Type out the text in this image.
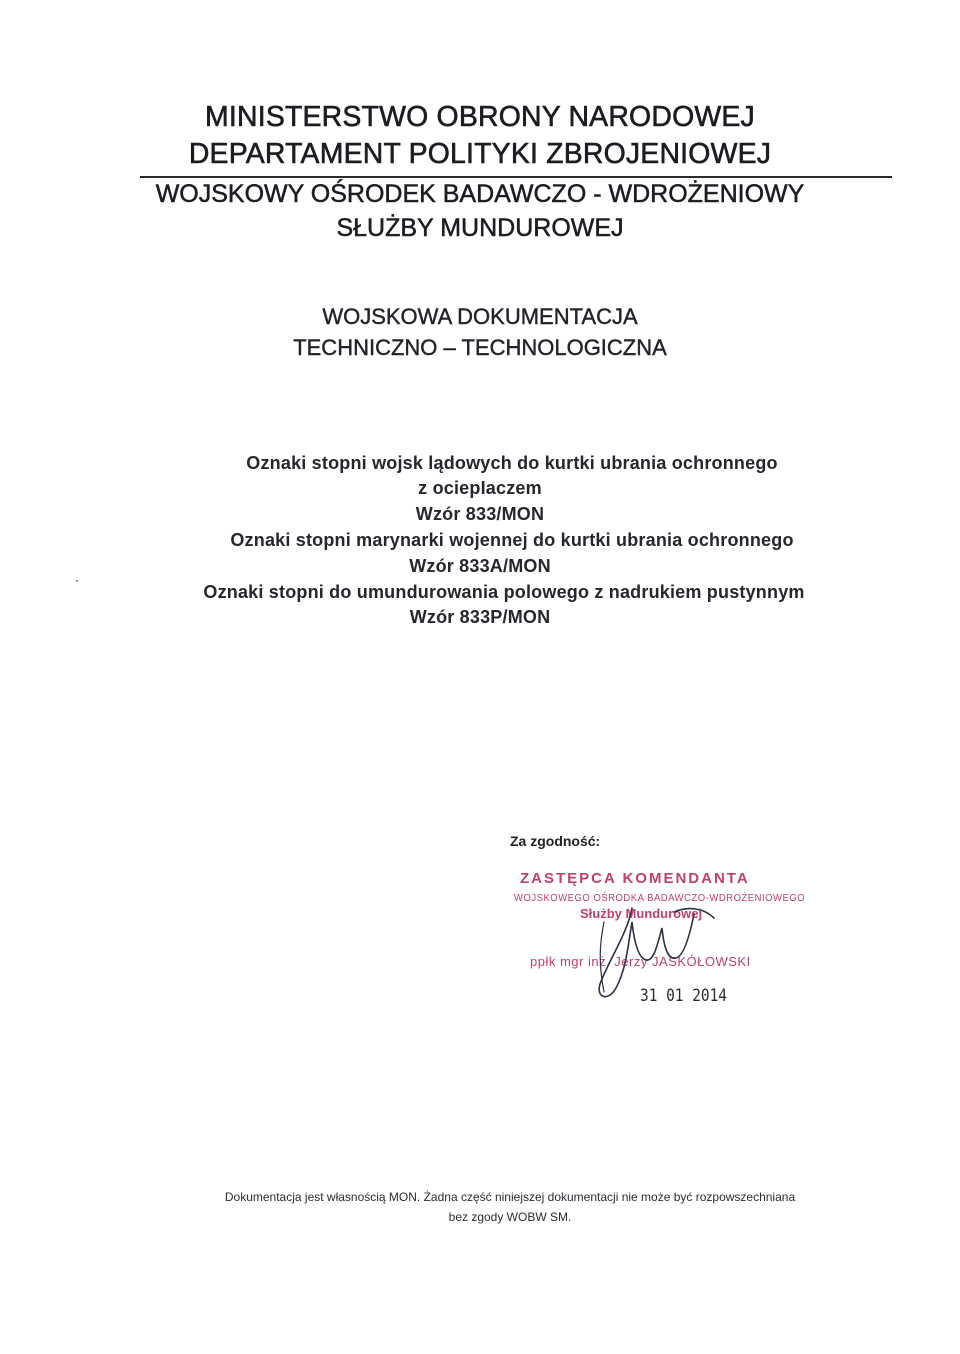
MINISTERSTWO OBRONY NARODOWEJ
DEPARTAMENT POLITYKI ZBROJENIOWEJ
WOJSKOWY OŚRODEK BADAWCZO - WDROŻENIOWY
SŁUŻBY MUNDUROWEJ
WOJSKOWA DOKUMENTACJA
TECHNICZNO – TECHNOLOGICZNA
Oznaki stopni wojsk lądowych do kurtki ubrania ochronnego
z ociepIaczem
Wzór 833/MON
Oznaki stopni marynarki wojennej do kurtki ubrania ochronnego
Wzór 833A/MON
Oznaki stopni do umundurowania polowego z nadrukiem pustynnym
Wzór 833P/MON
Za zgodność:
ZASTĘPCA KOMENDANTA
WOJSKOWEGO OŚRODKA BADAWCZO-WDROŻENIOWEGO
Służby Mundurowej
ppłk mgr inż. Jerzy JASKÓŁOWSKI
31 01 2014
Dokumentacja jest własnością MON. Żadna część niniejszej dokumentacji nie może być rozpowszechniana
bez zgody WOBW SM.
